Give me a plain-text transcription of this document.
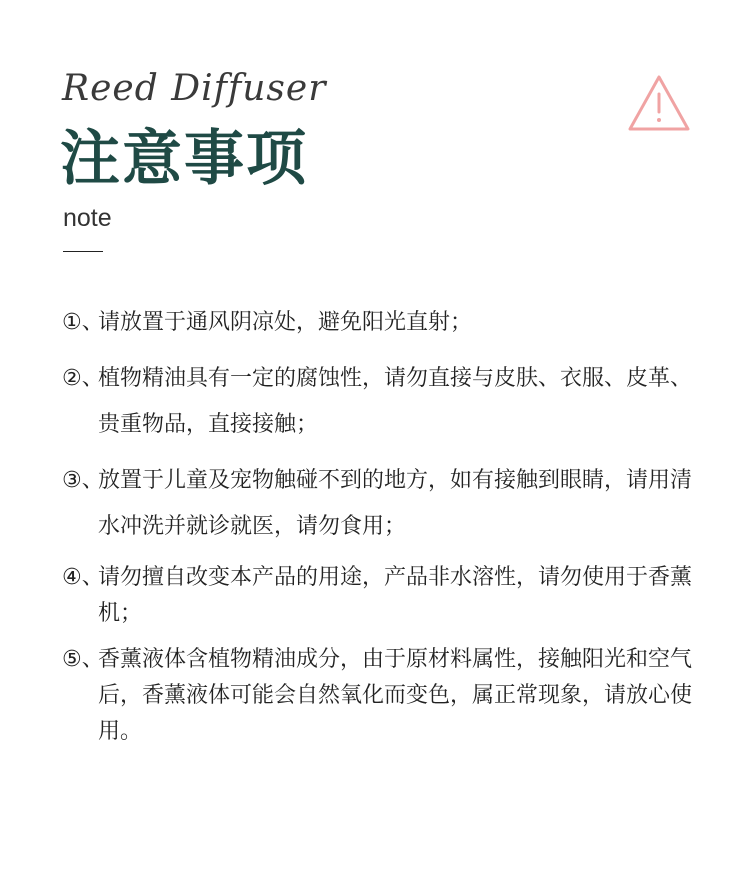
Reed Diffuser
注意事项
note
①、
请放置于通风阴凉处，避免阳光直射；
②、
植物精油具有一定的腐蚀性，请勿直接与皮肤、衣服、皮革、贵重物品，直接接触；
③、
放置于儿童及宠物触碰不到的地方，如有接触到眼睛，请用清水冲洗并就诊就医，请勿食用；
④、
请勿擅自改变本产品的用途，产品非水溶性，请勿使用于香薰机；
⑤、
香薰液体含植物精油成分，由于原材料属性，接触阳光和空气后，香薰液体可能会自然氧化而变色，属正常现象，请放心使用。
